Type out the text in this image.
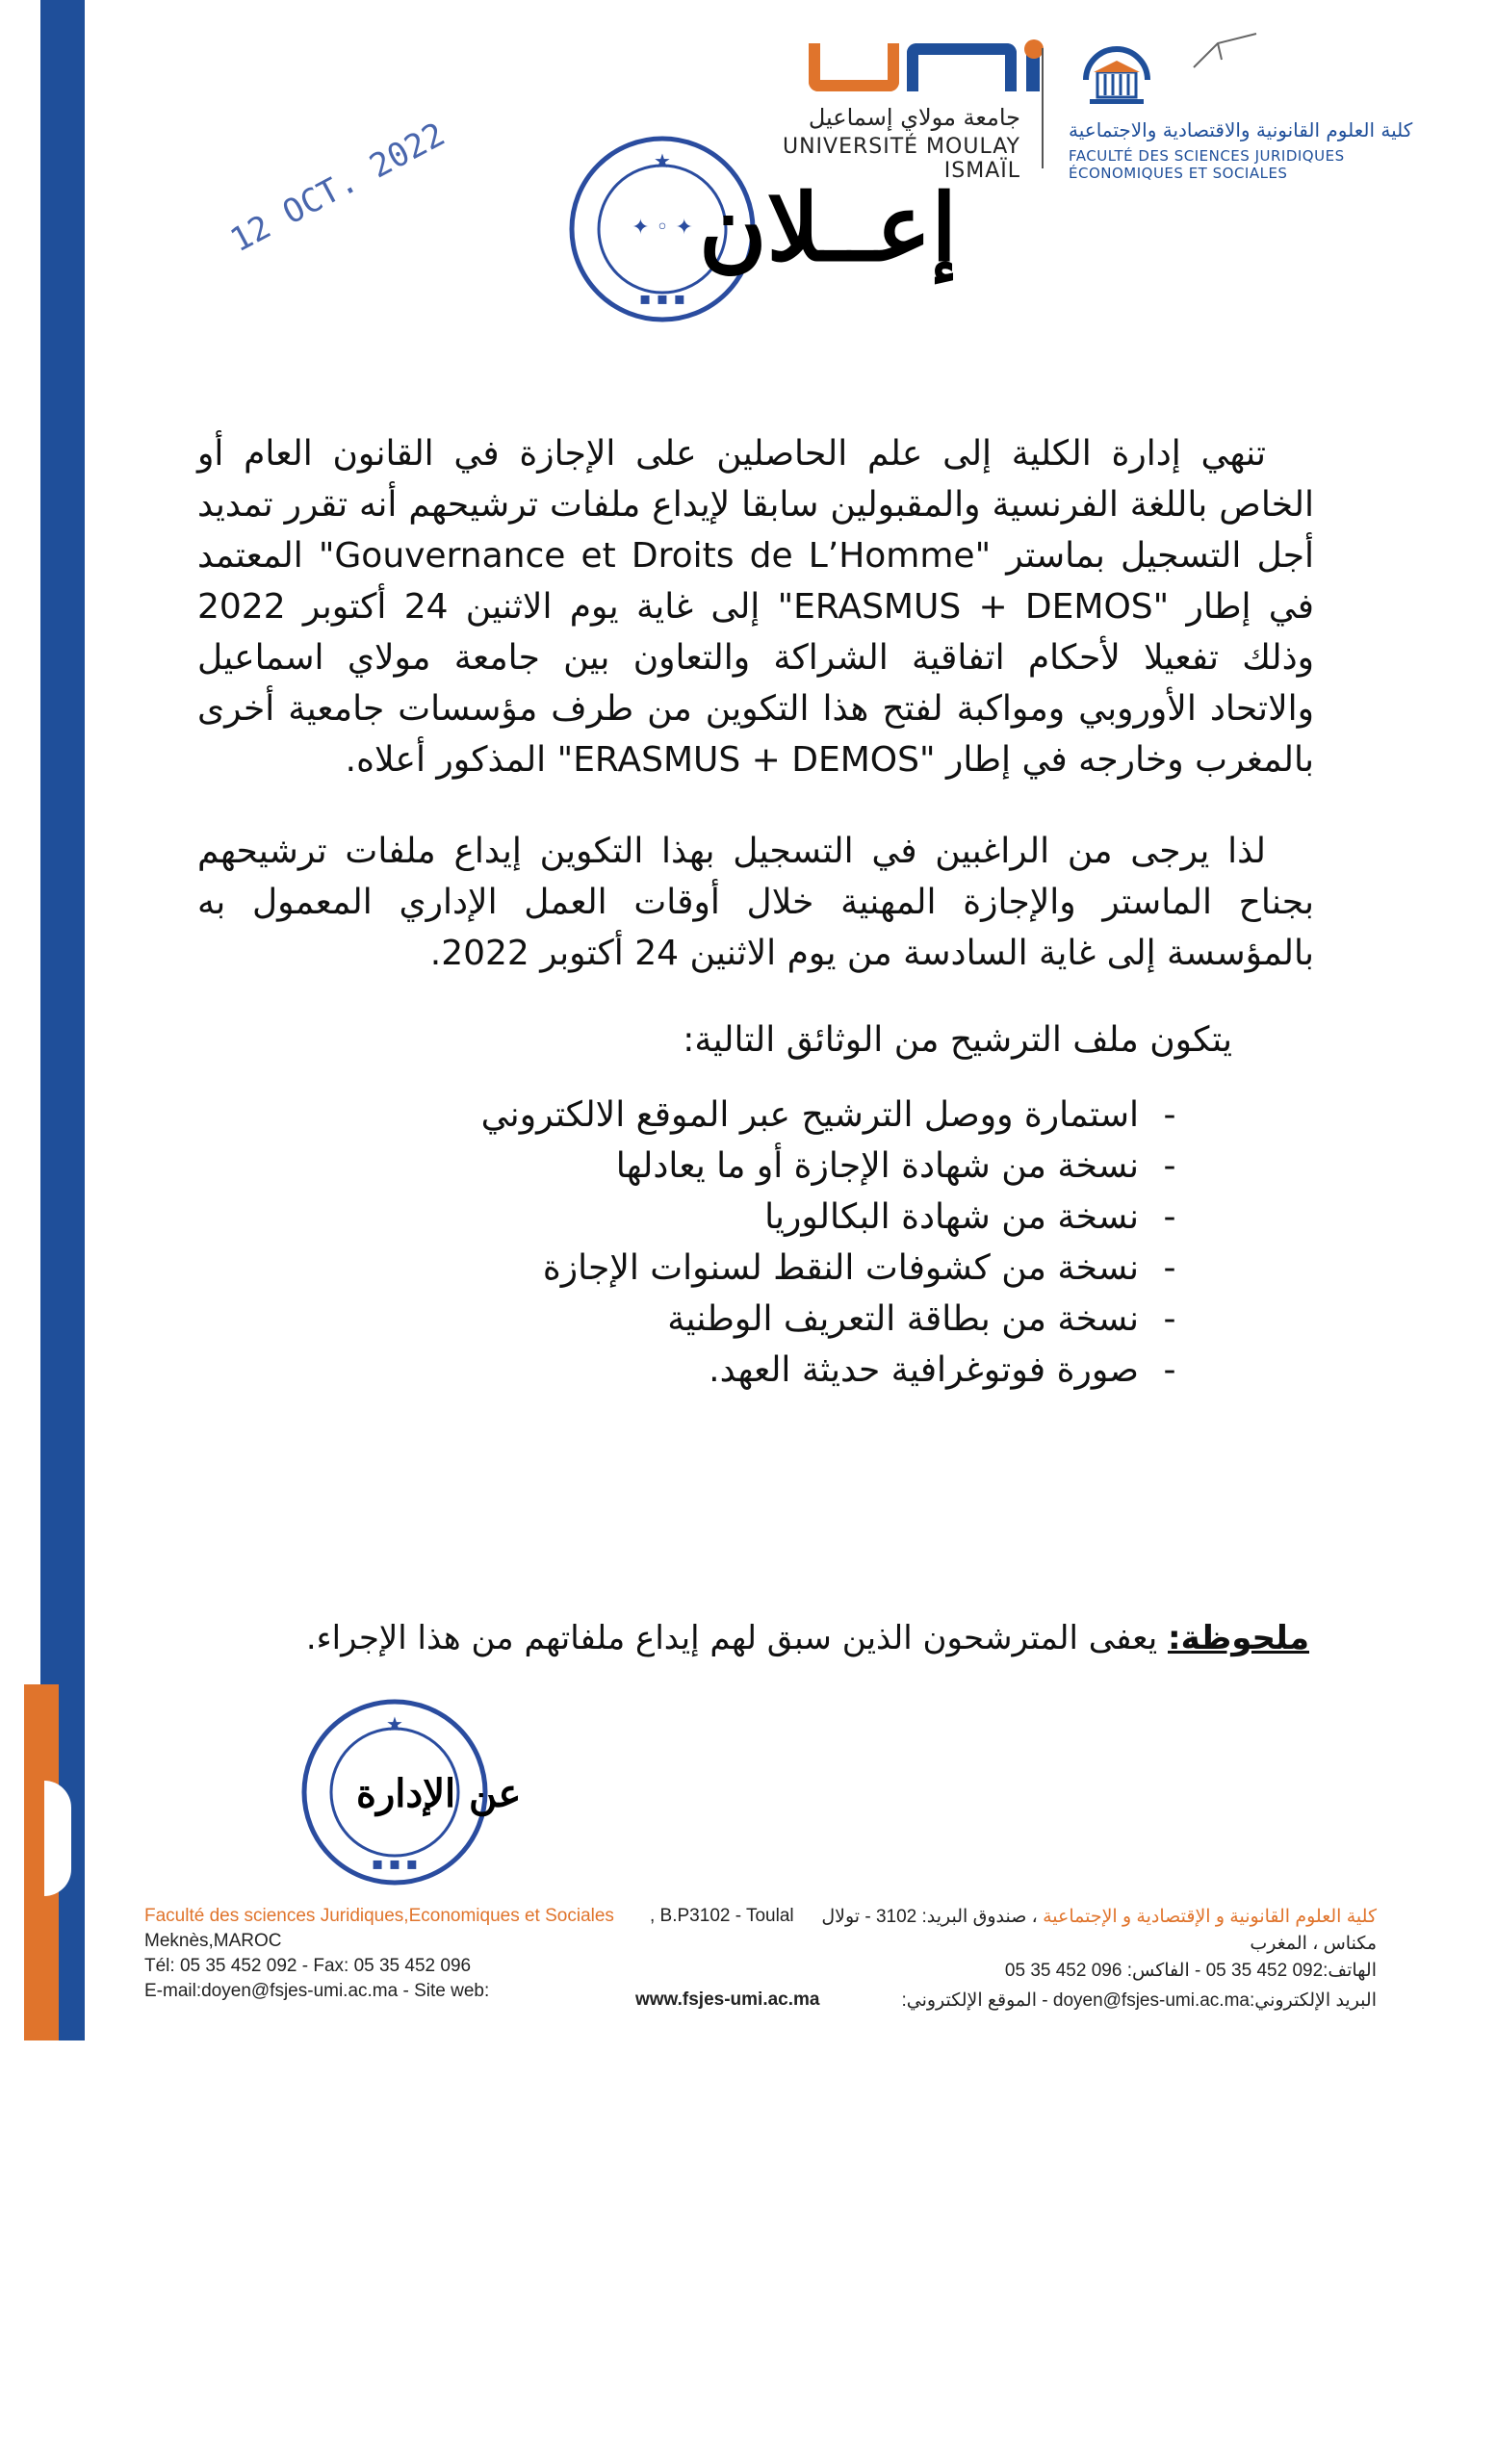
جامعة مولاي إسماعيل
UNIVERSITÉ MOULAY ISMAÏL
كلية العلوم القانونية والاقتصادية والاجتماعية
FACULTÉ DES SCIENCES JURIDIQUES ÉCONOMIQUES ET SOCIALES
12 OCT. 2022	★
✦ ◦ ✦
▪ ▪ ▪
إعــلان
تنهي إدارة الكلية إلى علم الحاصلين على الإجازة في القانون العام أو الخاص باللغة الفرنسية والمقبولين سابقا لإيداع ملفات ترشيحهم أنه تقرر تمديد أجل التسجيل بماستر "Gouvernance et Droits de L’Homme" المعتمد في إطار "ERASMUS + DEMOS" إلى غاية يوم الاثنين 24 أكتوبر 2022 وذلك تفعيلا لأحكام اتفاقية الشراكة والتعاون بين جامعة مولاي اسماعيل والاتحاد الأوروبي ومواكبة لفتح هذا التكوين من طرف مؤسسات جامعية أخرى بالمغرب وخارجه في إطار "ERASMUS + DEMOS" المذكور أعلاه.
لذا يرجى من الراغبين في التسجيل بهذا التكوين إيداع ملفات ترشيحهم بجناح الماستر والإجازة المهنية خلال أوقات العمل الإداري المعمول به بالمؤسسة إلى غاية السادسة من يوم الاثنين 24 أكتوبر 2022.
يتكون ملف الترشيح من الوثائق التالية:
-استمارة ووصل الترشيح عبر الموقع الالكتروني
-نسخة من شهادة الإجازة أو ما يعادلها
-نسخة من شهادة البكالوريا
-نسخة من كشوفات النقط لسنوات الإجازة
-نسخة من بطاقة التعريف الوطنية
-صورة فوتوغرافية حديثة العهد.
ملحوظة: يعفى المترشحون الذين سبق لهم إيداع ملفاتهم من هذا الإجراء.
★
▪ ▪ ▪
عن الإدارة
Faculté des sciences Juridiques,Economiques et Sociales , B.P3102 - Toulal
Meknès,MAROC
Tél: 05 35 452 092 - Fax: 05 35 452 096
E-mail:doyen@fsjes-umi.ac.ma - Site web:	www.fsjes-umi.ac.ma
كلية العلوم القانونية و الإقتصادية و الإجتماعية ، صندوق البريد: 3102 - تولال
مكناس ، المغرب
الهاتف:092 452 35 05 - الفاكس: 096 452 35 05
البريد الإلكتروني:doyen@fsjes-umi.ac.ma - الموقع الإلكتروني:
